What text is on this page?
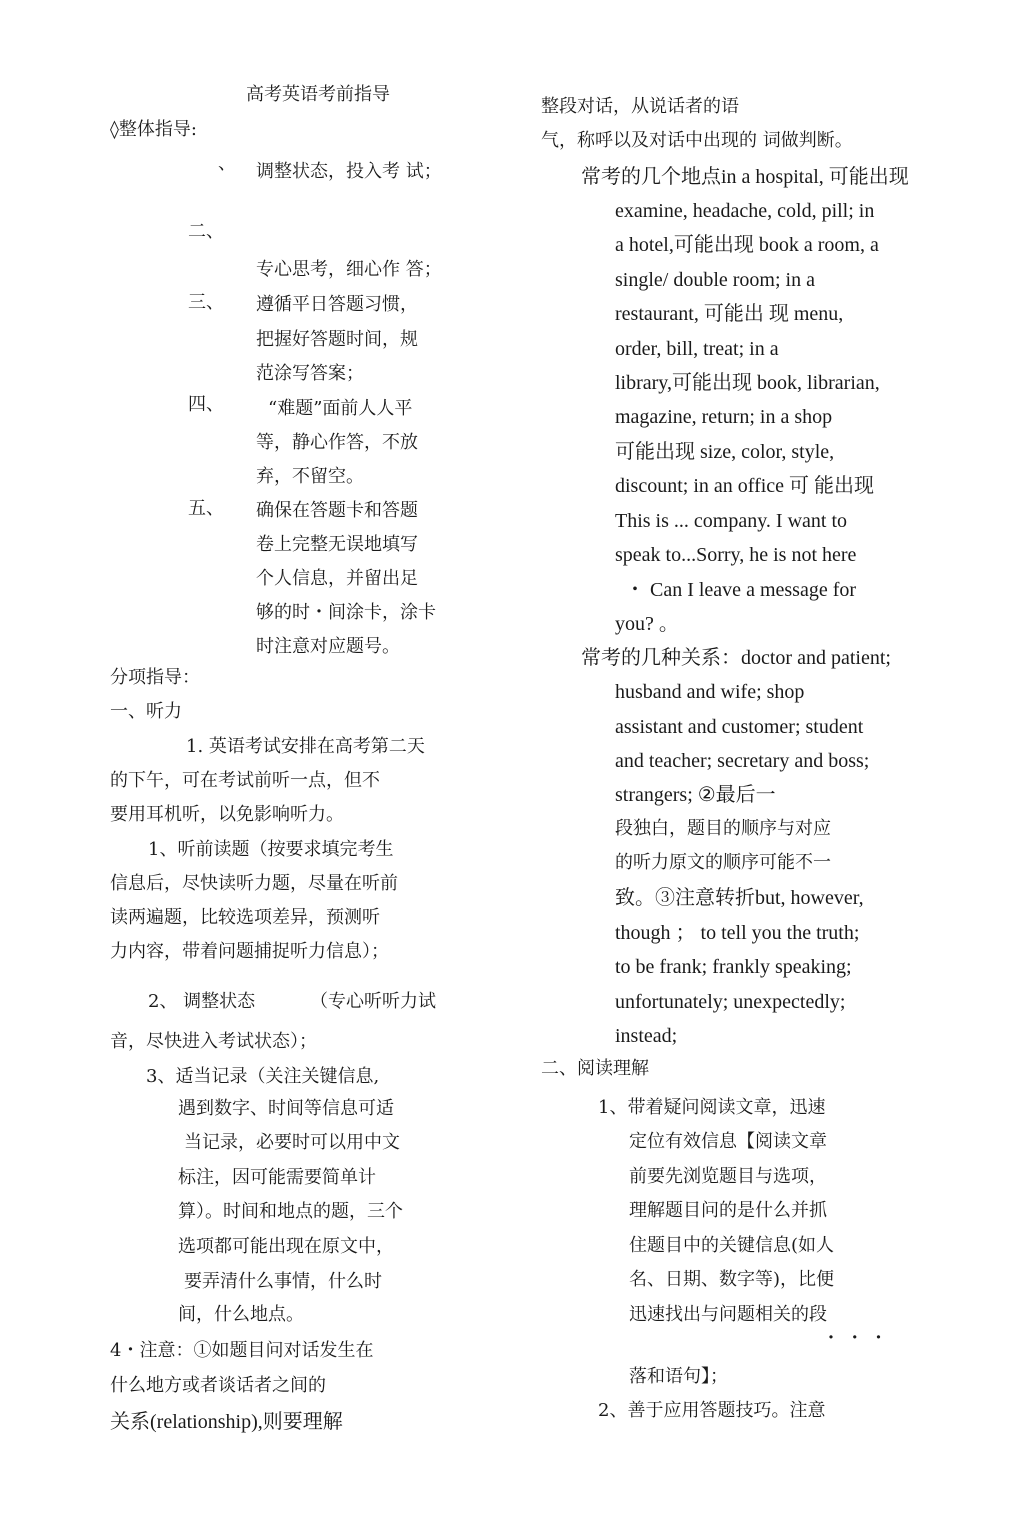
高考英语考前指导
◊整体指导:
、 调整状态，投入考 试；
二、
专心思考，细心作 答；
三、 遵循平日答题习惯，
把握好答题时间，规
范涂写答案；
四、 “难题”面前人人平
等，静心作答，不放
弃，不留空。
五、 确保在答题卡和答题
卷上完整无误地填写
个人信息，并留出足
够的时・间涂卡，涂卡
时注意对应题号。
分项指导：
一、听力
1. 英语考试安排在高考第二天
的下午，可在考试前听一点，但不
要用耳机听，以免影响听力。
1、听前读题（按要求填完考生
信息后，尽快读听力题，尽量在听前
读两遍题，比较选项差异，预测听
力内容，带着问题捕捉听力信息）；
2、 调整状态	（专心听听力试
音，尽快进入考试状态）；
3、适当记录（关注关键信息,
遇到数字、时间等信息可适
当记录，必要时可以用中文
标注，因可能需要简单计
算）。时间和地点的题，三个
选项都可能出现在原文中，
要弄清什么事情，什么时
间，什么地点。
4・注意：①如题目问对话发生在
什么地方或者谈话者之间的
关系(relationship),则要理解
整段对话，从说话者的语
气，称呼以及对话中出现的 词做判断。
常考的几个地点in a hospital, 可能出现
examine, headache, cold, pill; in
a hotel,可能出现 book a room, a
single/ double room; in a
restaurant, 可能出 现 menu,
order, bill, treat; in a
library,可能出现 book, librarian,
magazine, return; in a shop
可能出现 size, color, style,
discount; in an office 可 能出现
This is ... company. I want to
speak to...Sorry, he is not here
・ Can I leave a message for
you? 。
常考的几种关系：doctor and patient;
husband and wife; shop
assistant and customer; student
and teacher; secretary and boss;
strangers; ②最后一
段独白，题目的顺序与对应
的听力原文的顺序可能不一
致。③注意转折but, however,
though ； to tell you the truth;
to be frank; frankly speaking;
unfortunately; unexpectedly;
instead;
二、阅读理解
1、带着疑问阅读文章，迅速
定位有效信息【阅读文章
前要先浏览题目与选项，
理解题目问的是什么并抓
住题目中的关键信息(如人
名、日期、数字等)，比便
迅速找出与问题相关的段
・ ・ ・
落和语句】；
2、善于应用答题技巧。注意
